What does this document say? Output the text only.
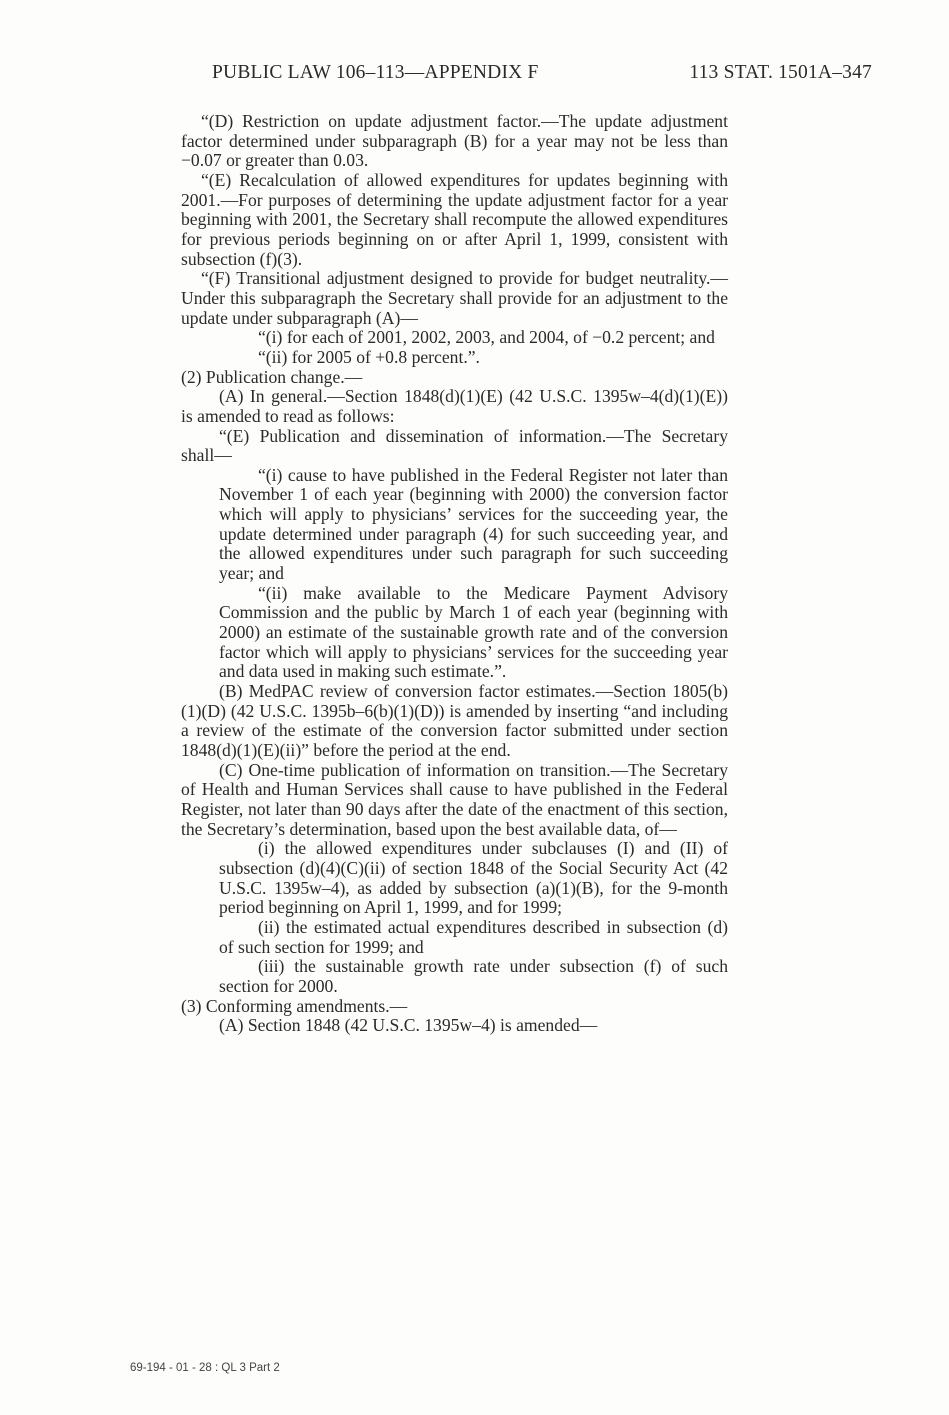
PUBLIC LAW 106–113—APPENDIX F	113 STAT. 1501A–347

“(D) Restriction on update adjustment factor.—The update adjustment factor determined under subparagraph (B) for a year may not be less than −0.07 or greater than 0.03.

“(E) Recalculation of allowed expenditures for updates beginning with 2001.—For purposes of determining the update adjustment factor for a year beginning with 2001, the Secretary shall recompute the allowed expenditures for previous periods beginning on or after April 1, 1999, consistent with subsection (f)(3).

“(F) Transitional adjustment designed to provide for budget neutrality.—Under this subparagraph the Secretary shall provide for an adjustment to the update under subparagraph (A)—

“(i) for each of 2001, 2002, 2003, and 2004, of −0.2 percent; and

“(ii) for 2005 of +0.8 percent.”.

(2) Publication change.—

(A) In general.—Section 1848(d)(1)(E) (42 U.S.C. 1395w–4(d)(1)(E)) is amended to read as follows:

“(E) Publication and dissemination of information.—The Secretary shall—

“(i) cause to have published in the Federal Register not later than November 1 of each year (beginning with 2000) the conversion factor which will apply to physicians’ services for the succeeding year, the update determined under paragraph (4) for such succeeding year, and the allowed expenditures under such paragraph for such succeeding year; and

“(ii) make available to the Medicare Payment Advisory Commission and the public by March 1 of each year (beginning with 2000) an estimate of the sustainable growth rate and of the conversion factor which will apply to physicians’ services for the succeeding year and data used in making such estimate.”.

(B) MedPAC review of conversion factor estimates.—Section 1805(b)(1)(D) (42 U.S.C. 1395b–6(b)(1)(D)) is amended by inserting “and including a review of the estimate of the conversion factor submitted under section 1848(d)(1)(E)(ii)” before the period at the end.

(C) One-time publication of information on transition.—The Secretary of Health and Human Services shall cause to have published in the Federal Register, not later than 90 days after the date of the enactment of this section, the Secretary’s determination, based upon the best available data, of—

(i) the allowed expenditures under subclauses (I) and (II) of subsection (d)(4)(C)(ii) of section 1848 of the Social Security Act (42 U.S.C. 1395w–4), as added by subsection (a)(1)(B), for the 9-month period beginning on April 1, 1999, and for 1999;

(ii) the estimated actual expenditures described in subsection (d) of such section for 1999; and

(iii) the sustainable growth rate under subsection (f) of such section for 2000.

(3) Conforming amendments.—

(A) Section 1848 (42 U.S.C. 1395w–4) is amended—

69-194 - 01 - 28 : QL 3 Part 2
